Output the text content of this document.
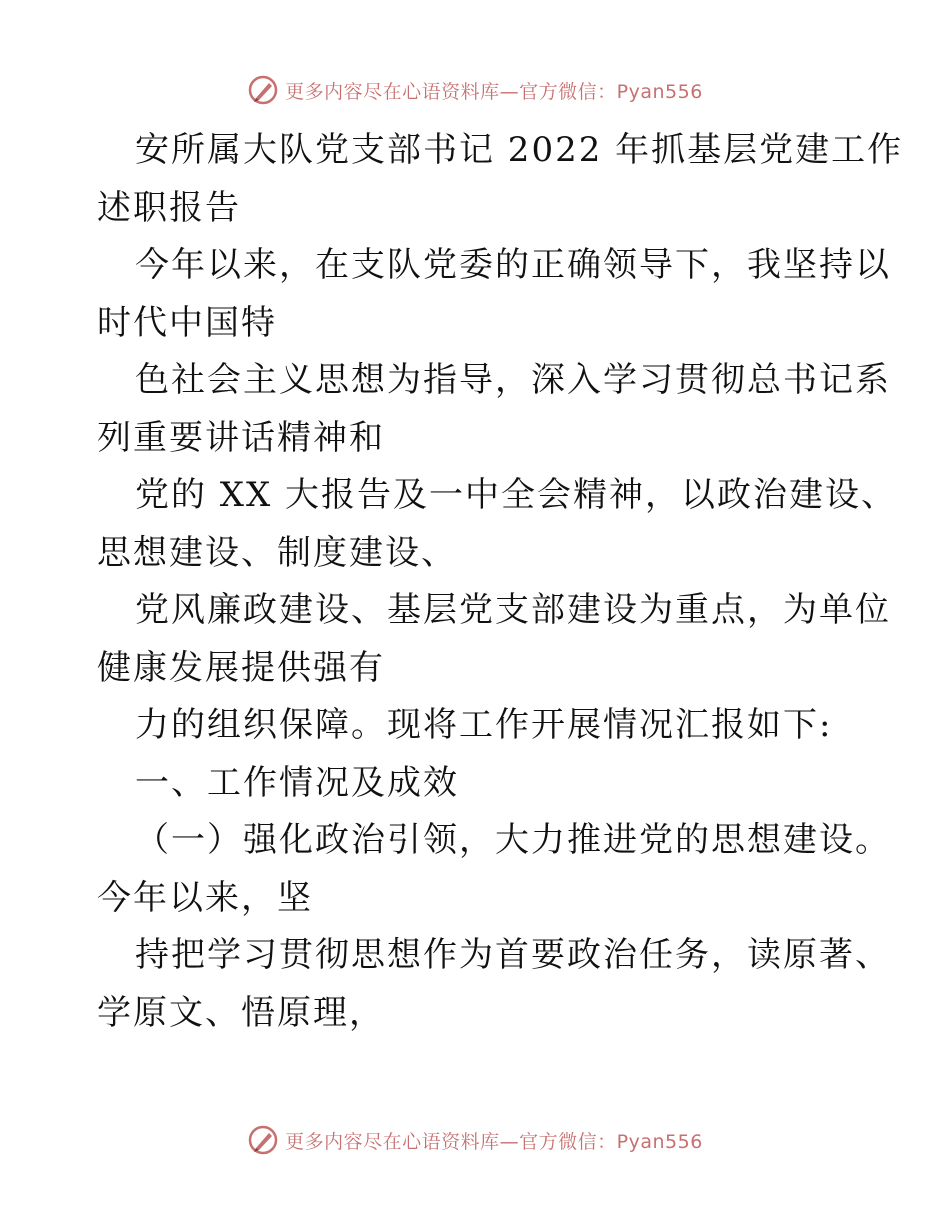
更多内容尽在心语资料库—官方微信：Pyan556
安所属大队党支部书记 2022 年抓基层党建工作
述职报告
今年以来，在支队党委的正确领导下，我坚持以
时代中国特
色社会主义思想为指导，深入学习贯彻总书记系
列重要讲话精神和
党的 XX 大报告及一中全会精神，以政治建设、
思想建设、制度建设、
党风廉政建设、基层党支部建设为重点，为单位
健康发展提供强有
力的组织保障。现将工作开展情况汇报如下:
一、工作情况及成效
（一）强化政治引领，大力推进党的思想建设。
今年以来，坚
持把学习贯彻思想作为首要政治任务，读原著、
学原文、悟原理，
更多内容尽在心语资料库—官方微信：Pyan556
